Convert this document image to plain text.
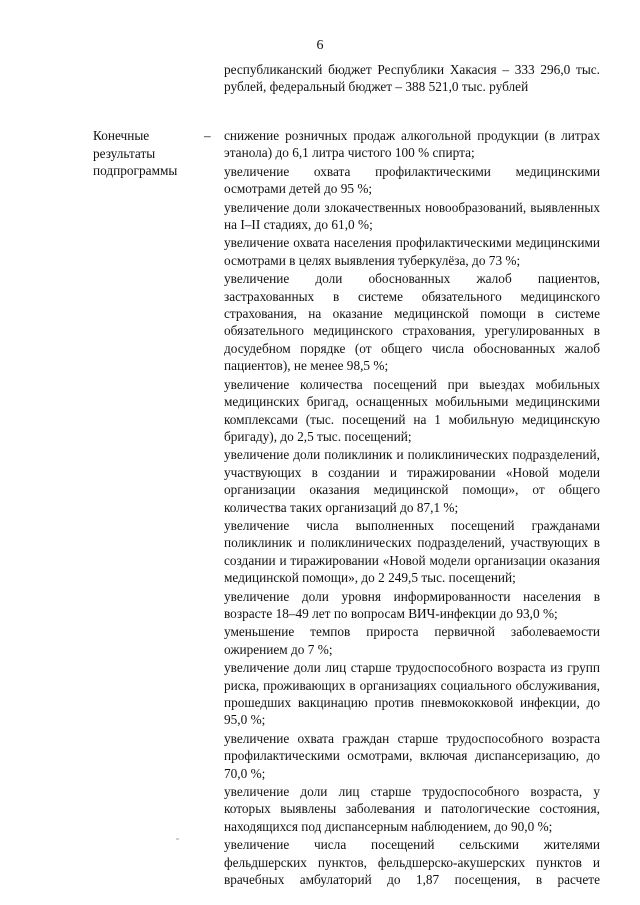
6
республиканский бюджет Республики Хакасия – 333 296,0 тыс. рублей, федеральный бюджет – 388 521,0 тыс. рублей
Конечные результаты подпрограммы
– снижение розничных продаж алкогольной продукции (в литрах этанола) до 6,1 литра чистого 100 % спирта;

увеличение охвата профилактическими медицинскими осмотрами детей до 95 %;

увеличение доли злокачественных новообразований, выявленных на I–II стадиях, до 61,0 %;

увеличение охвата населения профилактическими медицинскими осмотрами в целях выявления туберкулёза, до 73 %;

увеличение доли обоснованных жалоб пациентов, застрахованных в системе обязательного медицинского страхования, на оказание медицинской помощи в системе обязательного медицинского страхования, урегулированных в досудебном порядке (от общего числа обоснованных жалоб пациентов), не менее 98,5 %;

увеличение количества посещений при выездах мобильных медицинских бригад, оснащенных мобильными медицинскими комплексами (тыс. посещений на 1 мобильную медицинскую бригаду), до 2,5 тыс. посещений;

увеличение доли поликлиник и поликлинических подразделений, участвующих в создании и тиражировании «Новой модели организации оказания медицинской помощи», от общего количества таких организаций до 87,1 %;

увеличение числа выполненных посещений гражданами поликлиник и поликлинических подразделений, участвующих в создании и тиражировании «Новой модели организации оказания медицинской помощи», до 2 249,5 тыс. посещений;

увеличение доли уровня информированности населения в возрасте 18–49 лет по вопросам ВИЧ-инфекции до 93,0 %;

уменьшение темпов прироста первичной заболеваемости ожирением до 7 %;

увеличение доли лиц старше трудоспособного возраста из групп риска, проживающих в организациях социального обслуживания, прошедших вакцинацию против пневмококковой инфекции, до 95,0 %;

увеличение охвата граждан старше трудоспособного возраста профилактическими осмотрами, включая диспансеризацию, до 70,0 %;

увеличение доли лиц старше трудоспособного возраста, у которых выявлены заболевания и патологические состояния, находящихся под диспансерным наблюдением, до 90,0 %;

увеличение числа посещений сельскими жителями фельдшерских пунктов, фельдшерско-акушерских пунктов и врачебных амбулаторий до 1,87 посещения, в расчете
